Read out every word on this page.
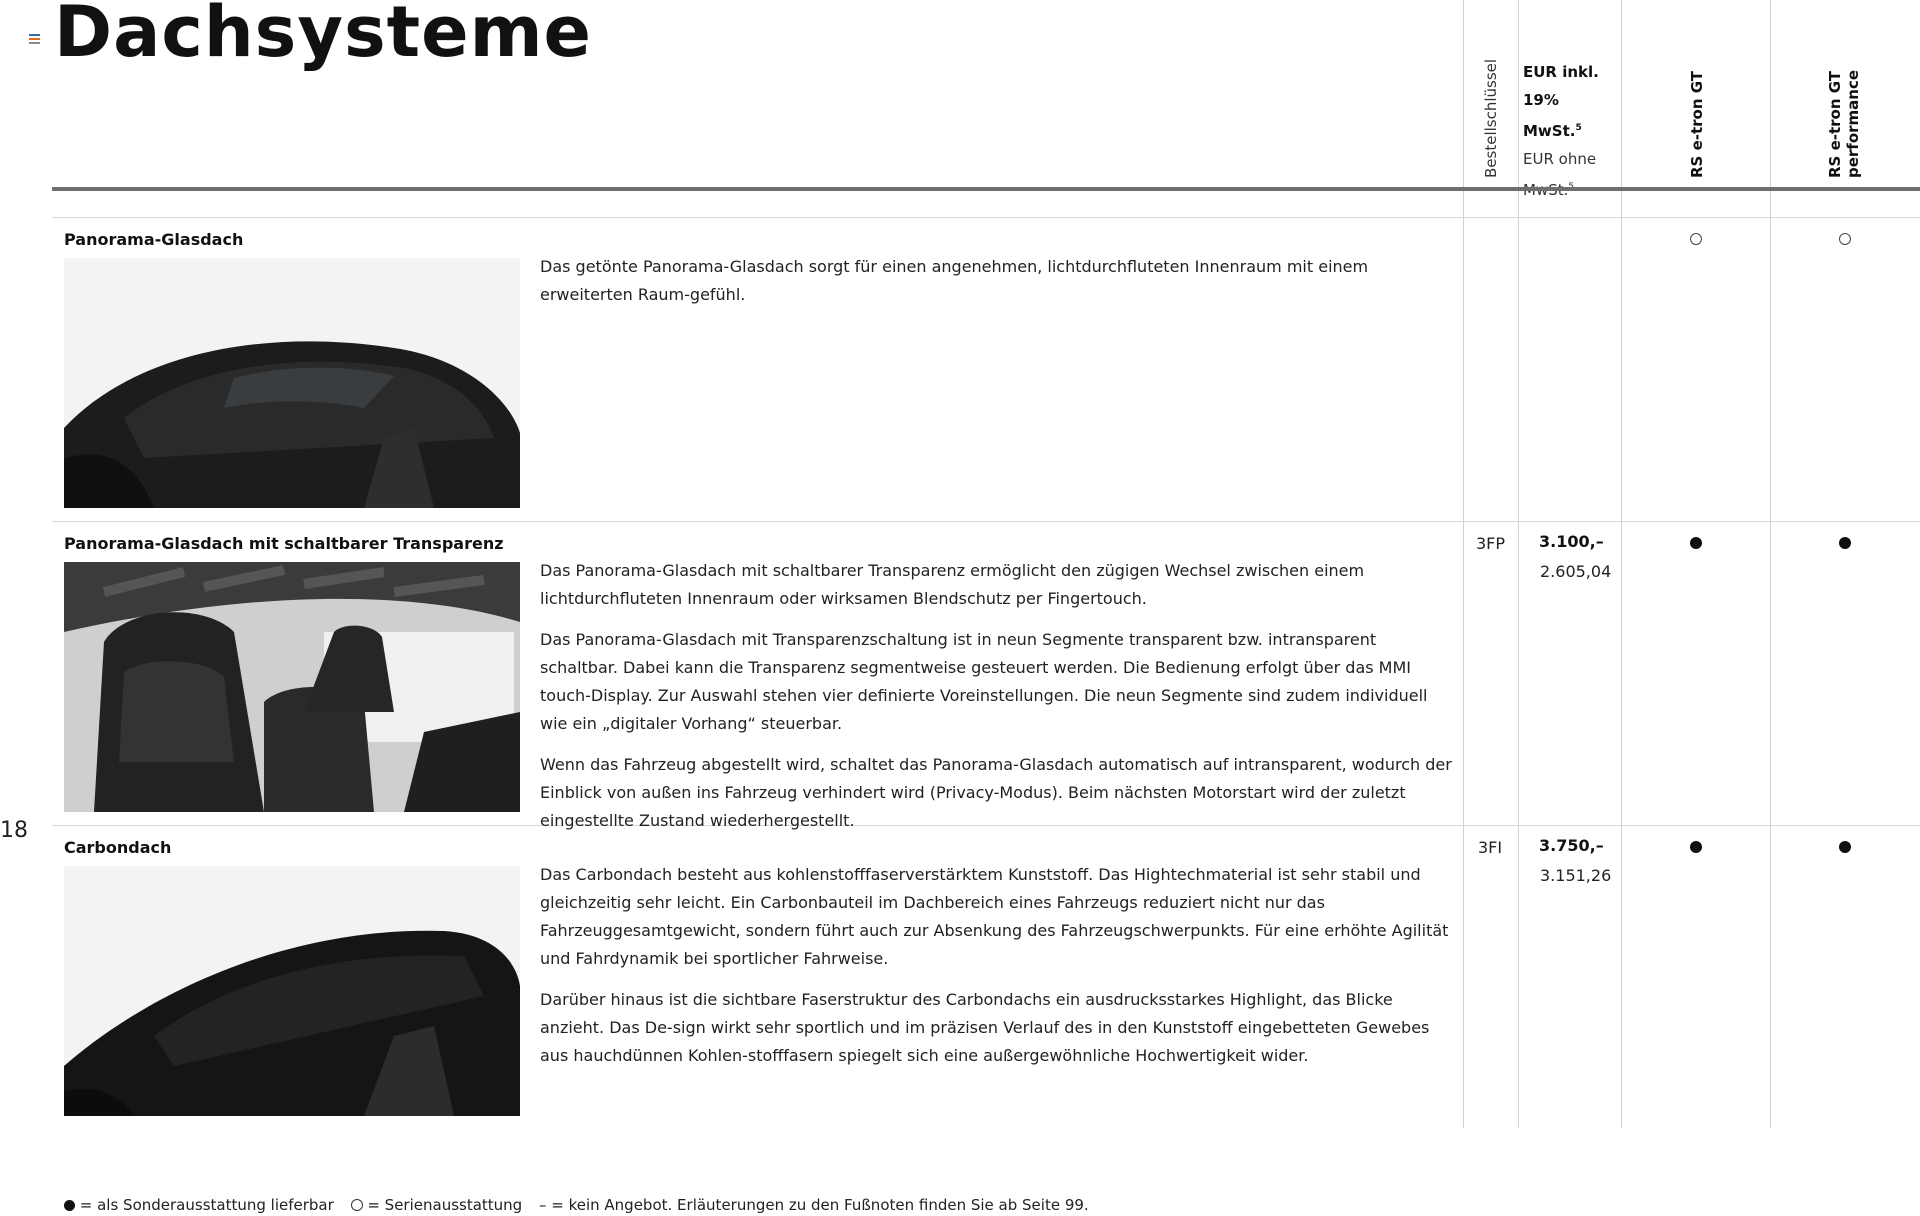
Dachsysteme
18
Bestellschlüssel EUR inkl.
19% MwSt.$^5$
EUR ohne	RS e-tron GT	RS e-tron GT performance
Panorama-Glasdach

Das getönte Panorama-Glasdach sorgt für einen angenehmen, lichtdurchfluteten Innenraum mit einem erweiterten Raum-gefühl.

Panorama-Glasdach mit schaltbarer Transparenz

Das Panorama-Glasdach mit schaltbarer Transparenz ermöglicht den zügigen Wechsel zwischen einem lichtdurchfluteten Innenraum oder wirksamen Blendschutz per Fingertouch.

Das Panorama-Glasdach mit Transparenzschaltung ist in neun Segmente transparent bzw. intransparent schaltbar. Dabei kann die Transparenz segmentweise gesteuert werden. Die Bedienung erfolgt über das MMI touch-Display. Zur Auswahl stehen vier definierte Voreinstellungen. Die neun Segmente sind zudem individuell wie ein „digitaler Vorhang“ steuerbar.

Wenn das Fahrzeug abgestellt wird, schaltet das Panorama-Glasdach automatisch auf intransparent, wodurch der Einblick von außen ins Fahrzeug verhindert wird (Privacy-Modus). Beim nächsten Motorstart wird der zuletzt eingestellte Zustand wiederhergestellt.

3FP 3.100,–
2.605,04
Carbondach

Das Carbondach besteht aus kohlenstofffaserverstärktem Kunststoff. Das Hightechmaterial ist sehr stabil und gleichzeitig sehr leicht. Ein Carbonbauteil im Dachbereich eines Fahrzeugs reduziert nicht nur das Fahrzeuggesamtgewicht, sondern führt auch zur Absenkung des Fahrzeugschwerpunkts. Für eine erhöhte Agilität und Fahrdynamik bei sportlicher Fahrweise.

Darüber hinaus ist die sichtbare Faserstruktur des Carbondachs ein ausdrucksstarkes Highlight, das Blicke anzieht. Das De-sign wirkt sehr sportlich und im präzisen Verlauf des in den Kunststoff eingebetteten Gewebes aus hauchdünnen Kohlen-stofffasern spiegelt sich eine außergewöhnliche Hochwertigkeit wider.

3FI 3.750,–
3.151,26
= als Sonderausstattung lieferbar = Serienausstattung – = kein Angebot. Erläuterungen zu den Fußnoten finden Sie ab Seite 99.
